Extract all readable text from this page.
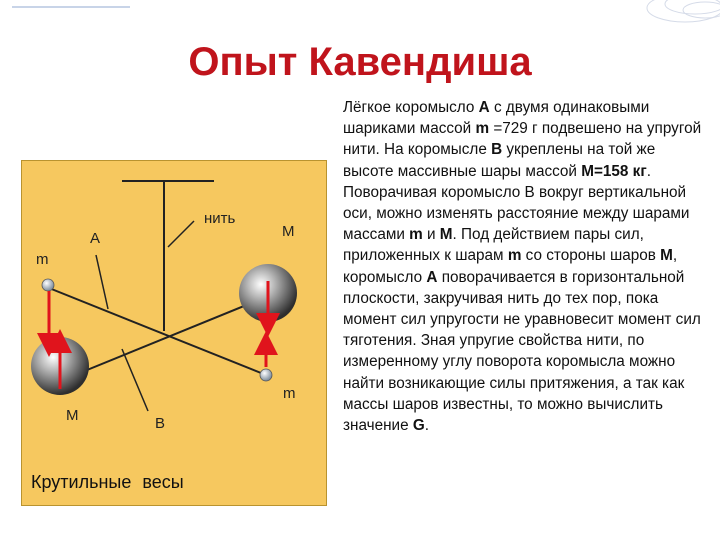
Опыт Кавендиша
нить
A
m
M
m
M	B
Крутильные весы
Лёгкое коромысло А с двумя одинаковыми шариками массой m =729 г подвешено на упругой нити. На коромысле В укреплены на той же высоте массивные шары массой М=158 кг. Поворачивая коромысло В вокруг вертикальной оси, можно изменять расстояние между шарами массами m и М. Под действием пары сил, приложенных к шарам m со стороны шаров М, коромысло А поворачивается в горизонтальной плоскости, закручивая нить до тех пор, пока момент сил упругости не уравновесит момент сил тяготения. Зная упругие свойства нити, по измеренному углу поворота коромысла можно найти возникающие силы притяжения, а так как массы шаров известны, то можно вычислить значение G.
